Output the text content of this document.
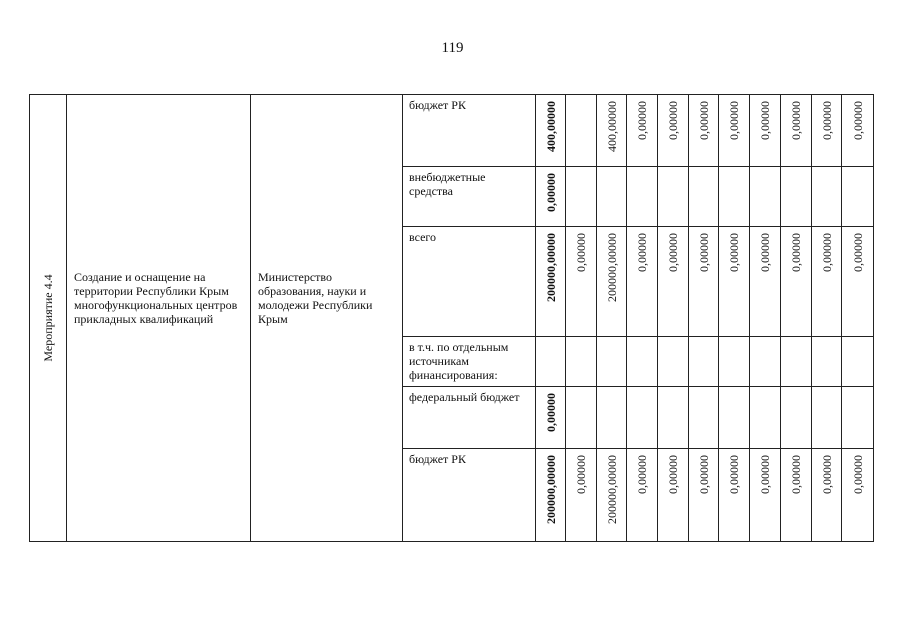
119
Мероприятие 4.4	Создание и оснащение на территории Республики Крым многофункциональных центров прикладных квалификаций	Министерство образования, науки и молодежи Республики Крым	бюджет РК	400,00000		400,00000	0,00000	0,00000	0,00000	0,00000	0,00000	0,00000	0,00000	0,00000

			внебюджетные средства	0,00000										

			всего	200000,00000	0,00000	200000,00000	0,00000	0,00000	0,00000	0,00000	0,00000	0,00000	0,00000	0,00000

			в т.ч. по отдельным источникам финансирования:											

			федеральный бюджет	0,00000										

			бюджет РК	200000,00000	0,00000	200000,00000	0,00000	0,00000	0,00000	0,00000	0,00000	0,00000	0,00000	0,00000
